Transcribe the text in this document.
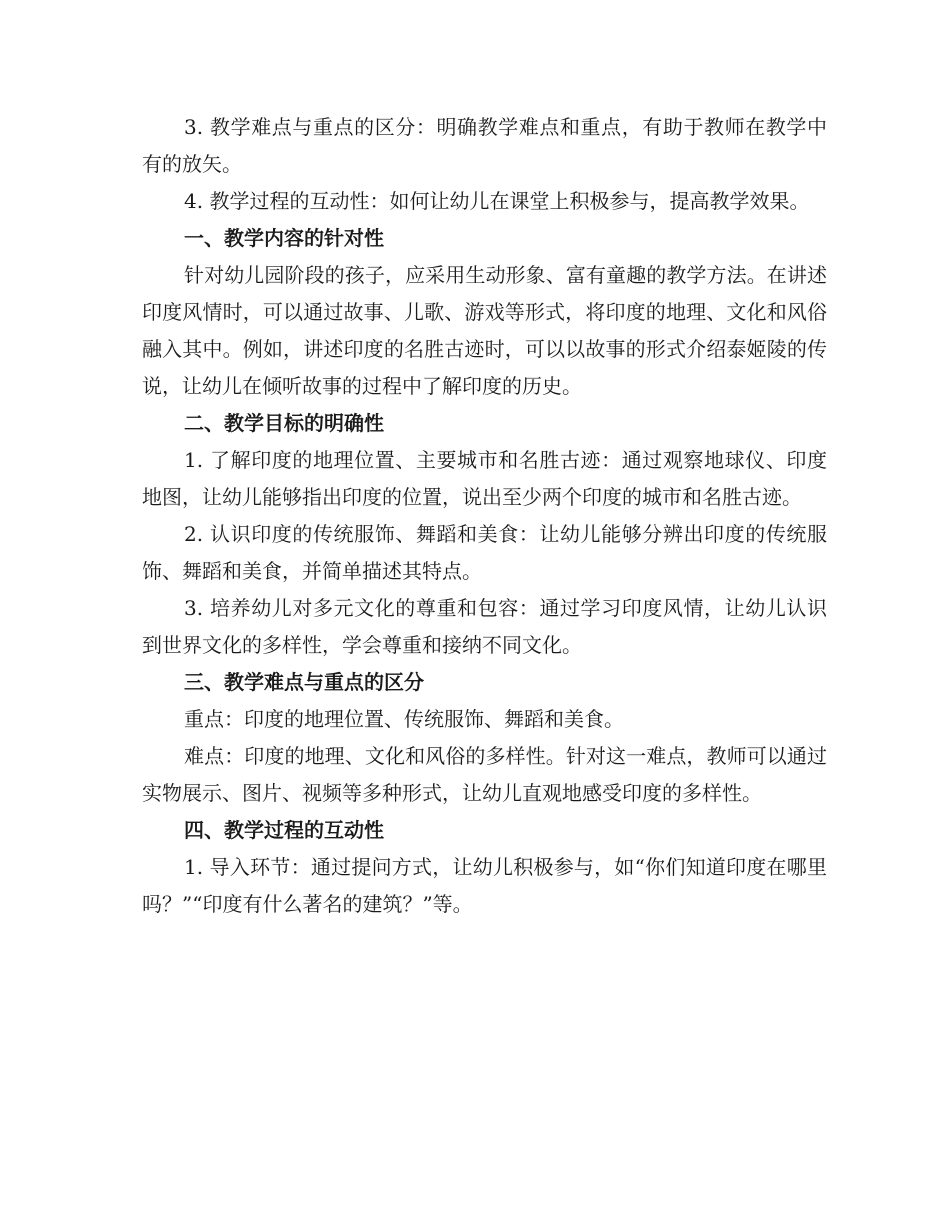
3. 教学难点与重点的区分：明确教学难点和重点，有助于教师在教学中有的放矢。

4. 教学过程的互动性：如何让幼儿在课堂上积极参与，提高教学效果。

一、教学内容的针对性

针对幼儿园阶段的孩子，应采用生动形象、富有童趣的教学方法。在讲述印度风情时，可以通过故事、儿歌、游戏等形式，将印度的地理、文化和风俗融入其中。例如，讲述印度的名胜古迹时，可以以故事的形式介绍泰姬陵的传说，让幼儿在倾听故事的过程中了解印度的历史。

二、教学目标的明确性

1. 了解印度的地理位置、主要城市和名胜古迹：通过观察地球仪、印度地图，让幼儿能够指出印度的位置，说出至少两个印度的城市和名胜古迹。

2. 认识印度的传统服饰、舞蹈和美食：让幼儿能够分辨出印度的传统服饰、舞蹈和美食，并简单描述其特点。

3. 培养幼儿对多元文化的尊重和包容：通过学习印度风情，让幼儿认识到世界文化的多样性，学会尊重和接纳不同文化。

三、教学难点与重点的区分

重点：印度的地理位置、传统服饰、舞蹈和美食。

难点：印度的地理、文化和风俗的多样性。针对这一难点，教师可以通过实物展示、图片、视频等多种形式，让幼儿直观地感受印度的多样性。

四、教学过程的互动性

1. 导入环节：通过提问方式，让幼儿积极参与，如“你们知道印度在哪里吗？”“印度有什么著名的建筑？”等。
